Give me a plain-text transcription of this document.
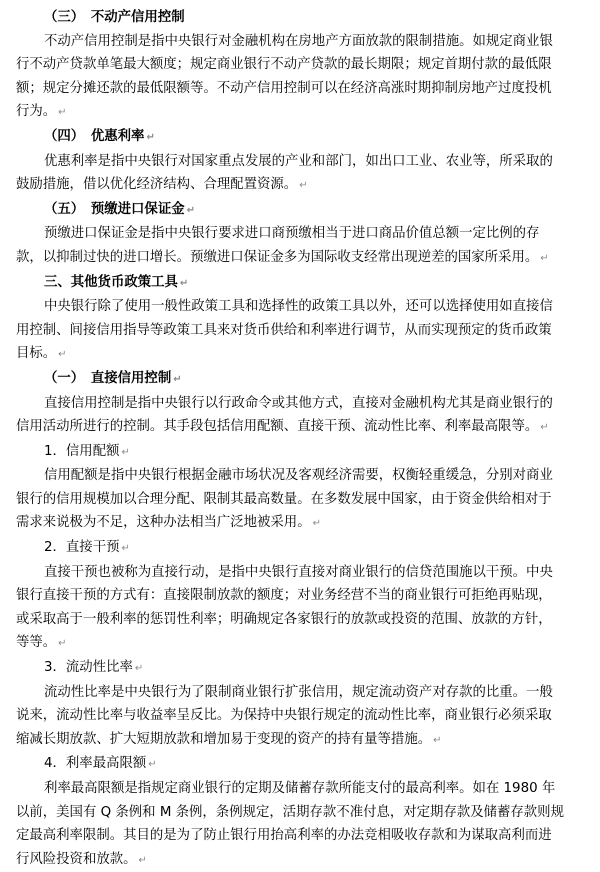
（三）　不动产信用控制
不动产信用控制是指中央银行对金融机构在房地产方面放款的限制措施。如规定商业银
行不动产贷款单笔最大额度；规定商业银行不动产贷款的最长期限；规定首期付款的最低限
额；规定分摊还款的最低限额等。不动产信用控制可以在经济高涨时期抑制房地产过度投机
行为。 ↵
（四）　优惠利率 ↵
优惠利率是指中央银行对国家重点发展的产业和部门，如出口工业、农业等，所采取的
鼓励措施，借以优化经济结构、合理配置资源。 ↵
（五）　预缴进口保证金 ↵
预缴进口保证金是指中央银行要求进口商预缴相当于进口商品价值总额一定比例的存
款，以抑制过快的进口增长。预缴进口保证金多为国际收支经常出现逆差的国家所采用。 ↵
三、其他货币政策工具 ↵
中央银行除了使用一般性政策工具和选择性的政策工具以外，还可以选择使用如直接信
用控制、间接信用指导等政策工具来对货币供给和利率进行调节，从而实现预定的货币政策
目标。 ↵
（一）　直接信用控制 ↵
直接信用控制是指中央银行以行政命令或其他方式，直接对金融机构尤其是商业银行的
信用活动所进行的控制。其手段包括信用配额、直接干预、流动性比率、利率最高限等。 ↵
1．信用配额 ↵
信用配额是指中央银行根据金融市场状况及客观经济需要，权衡轻重缓急，分别对商业
银行的信用规模加以合理分配、限制其最高数量。在多数发展中国家，由于资金供给相对于
需求来说极为不足，这种办法相当广泛地被采用。 ↵
2．直接干预 ↵
直接干预也被称为直接行动，是指中央银行直接对商业银行的信贷范围施以干预。中央
银行直接干预的方式有：直接限制放款的额度；对业务经营不当的商业银行可拒绝再贴现，
或采取高于一般利率的惩罚性利率；明确规定各家银行的放款或投资的范围、放款的方针，
等等。 ↵
3．流动性比率 ↵
流动性比率是中央银行为了限制商业银行扩张信用，规定流动资产对存款的比重。一般
说来，流动性比率与收益率呈反比。为保持中央银行规定的流动性比率，商业银行必须采取
缩减长期放款、扩大短期放款和增加易于变现的资产的持有量等措施。 ↵
4．利率最高限额 ↵
利率最高限额是指规定商业银行的定期及储蓄存款所能支付的最高利率。如在 1980 年
以前，美国有 Q 条例和 M 条例，条例规定，活期存款不准付息，对定期存款及储蓄存款则规
定最高利率限制。其目的是为了防止银行用抬高利率的办法竞相吸收存款和为谋取高利而进
行风险投资和放款。 ↵
